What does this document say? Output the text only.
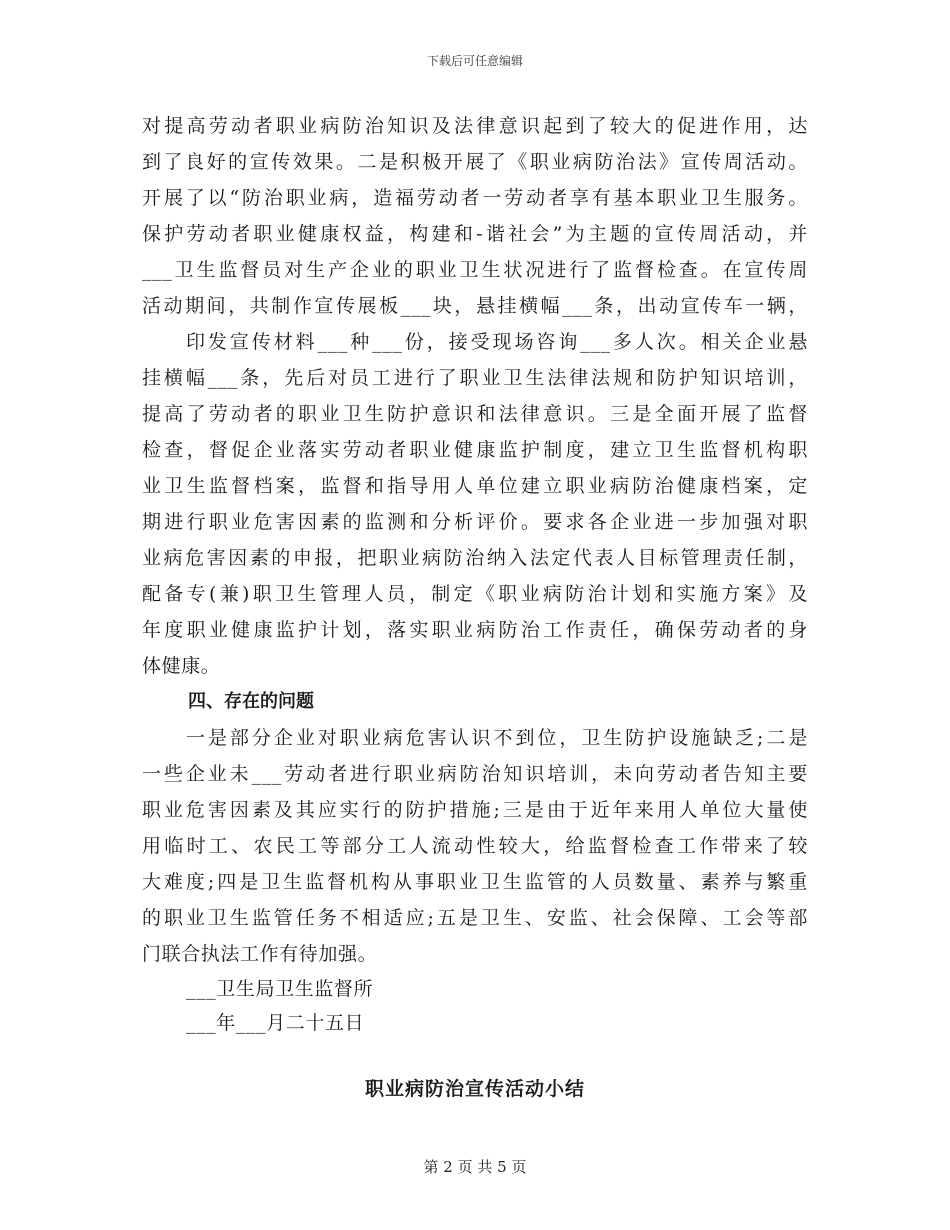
下载后可任意编辑
对提高劳动者职业病防治知识及法律意识起到了较大的促进作用，达
到了良好的宣传效果。二是积极开展了《职业病防治法》宣传周活动。
开展了以“防治职业病，造福劳动者一劳动者享有基本职业卫生服务。
保护劳动者职业健康权益，构建和-谐社会”为主题的宣传周活动，并
___卫生监督员对生产企业的职业卫生状况进行了监督检查。在宣传周
活动期间，共制作宣传展板___块，悬挂横幅___条，出动宣传车一辆，
印发宣传材料___种___份，接受现场咨询___多人次。相关企业悬
挂横幅___条，先后对员工进行了职业卫生法律法规和防护知识培训，
提高了劳动者的职业卫生防护意识和法律意识。三是全面开展了监督
检查，督促企业落实劳动者职业健康监护制度，建立卫生监督机构职
业卫生监督档案，监督和指导用人单位建立职业病防治健康档案，定
期进行职业危害因素的监测和分析评价。要求各企业进一步加强对职
业病危害因素的申报，把职业病防治纳入法定代表人目标管理责任制，
配备专(兼)职卫生管理人员，制定《职业病防治计划和实施方案》及
年度职业健康监护计划，落实职业病防治工作责任，确保劳动者的身
体健康。
四、存在的问题
一是部分企业对职业病危害认识不到位，卫生防护设施缺乏;二是
一些企业未___劳动者进行职业病防治知识培训，未向劳动者告知主要
职业危害因素及其应实行的防护措施;三是由于近年来用人单位大量使
用临时工、农民工等部分工人流动性较大，给监督检查工作带来了较
大难度;四是卫生监督机构从事职业卫生监管的人员数量、素养与繁重
的职业卫生监管任务不相适应;五是卫生、安监、社会保障、工会等部
门联合执法工作有待加强。
___卫生局卫生监督所
___年___月二十五日
职业病防治宣传活动小结
第 2 页 共 5 页
